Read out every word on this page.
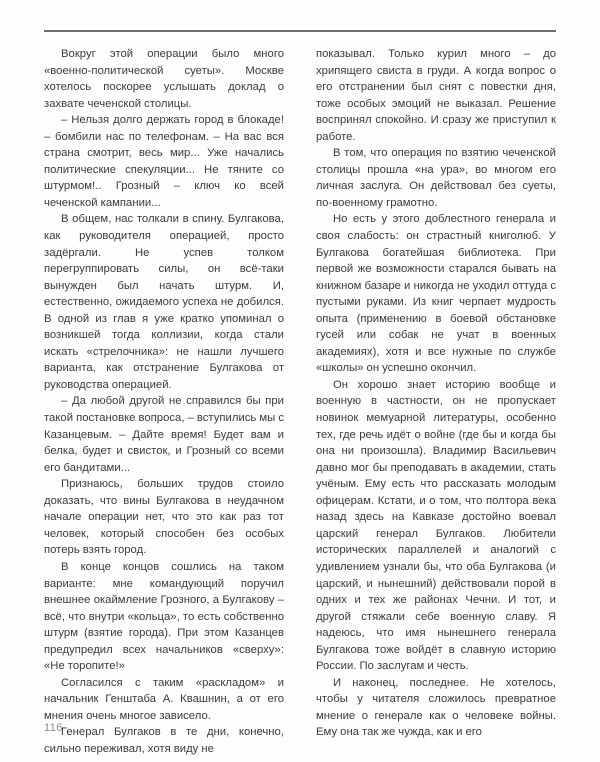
Вокруг этой операции было много «военно-политической суеты». Москве хотелось поскорее услышать доклад о захвате чеченской столицы.

– Нельзя долго держать город в блокаде! – бомбили нас по телефонам. – На вас вся страна смотрит, весь мир... Уже начались политические спекуляции... Не тяните со штурмом!.. Грозный – ключ ко всей чеченской кампании...

В общем, нас толкали в спину. Булгакова, как руководителя операцией, просто задёргали. Не успев толком перегруппировать силы, он всё-таки вынужден был начать штурм. И, естественно, ожидаемого успеха не добился. В одной из глав я уже кратко упоминал о возникшей тогда коллизии, когда стали искать «стрелочника»: не нашли лучшего варианта, как отстранение Булгакова от руководства операцией.

– Да любой другой не справился бы при такой постановке вопроса, – вступились мы с Казанцевым. – Дайте время! Будет вам и белка, будет и свисток, и Грозный со всеми его бандитами...

Признаюсь, больших трудов стоило доказать, что вины Булгакова в неудачном начале операции нет, что это как раз тот человек, который способен без особых потерь взять город.

В конце концов сошлись на таком варианте: мне командующий поручил внешнее окаймление Грозного, а Булгакову – всё, что внутри «кольца», то есть собственно штурм (взятие города). При этом Казанцев предупредил всех начальников «сверху»: «Не торопите!»

Согласился с таким «раскладом» и начальник Генштаба А. Квашнин, а от его мнения очень многое зависело.

Генерал Булгаков в те дни, конечно, сильно переживал, хотя виду не

показывал. Только курил много – до хрипящего свиста в груди. А когда вопрос о его отстранении был снят с повестки дня, тоже особых эмоций не выказал. Решение воспринял спокойно. И сразу же приступил к работе.

В том, что операция по взятию чеченской столицы прошла «на ура», во многом его личная заслуга. Он действовал без суеты, по-военному грамотно.

Но есть у этого доблестного генерала и своя слабость: он страстный книголюб. У Булгакова богатейшая библиотека. При первой же возможности старался бывать на книжном базаре и никогда не уходил оттуда с пустыми руками. Из книг черпает мудрость опыта (применению в боевой обстановке гусей или собак не учат в военных академиях), хотя и все нужные по службе «школы» он успешно окончил.

Он хорошо знает историю вообще и военную в частности, он не пропускает новинок мемуарной литературы, особенно тех, где речь идёт о войне (где бы и когда бы она ни произошла). Владимир Васильевич давно мог бы преподавать в академии, стать учёным. Ему есть что рассказать молодым офицерам. Кстати, и о том, что полтора века назад здесь на Кавказе достойно воевал царский генерал Булгаков. Любители исторических параллелей и аналогий с удивлением узнали бы, что оба Булгакова (и царский, и нынешний) действовали порой в одних и тех же районах Чечни. И тот, и другой стяжали себе военную славу. Я надеюсь, что имя нынешнего генерала Булгакова тоже войдёт в славную историю России. По заслугам и честь.

И наконец, последнее. Не хотелось, чтобы у читателя сложилось превратное мнение о генерале как о человеке войны. Ему она так же чужда, как и его

116
